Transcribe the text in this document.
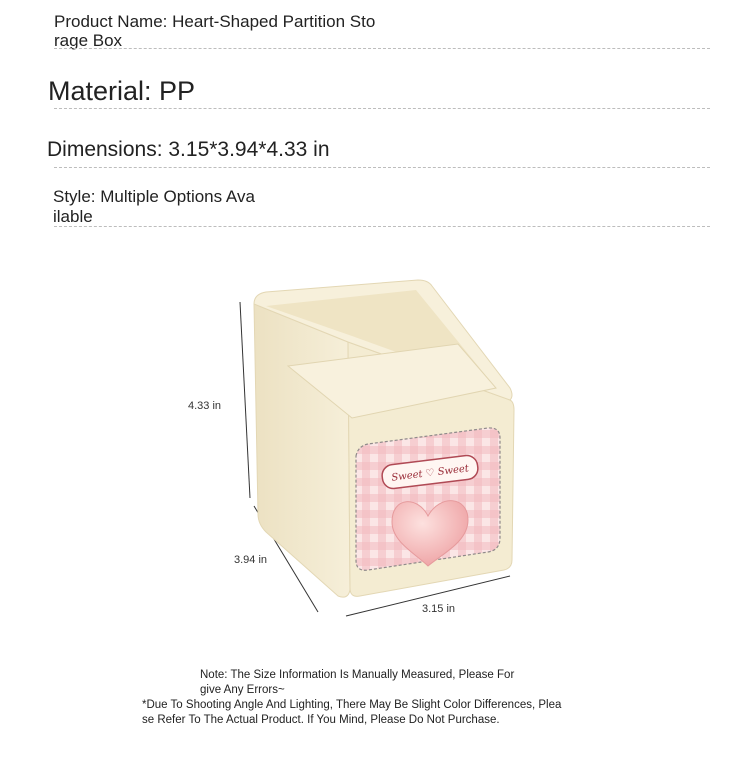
Product Name: Heart-Shaped Partition Sto
rage Box
Material: PP
Dimensions: 3.15*3.94*4.33 in
Style: Multiple Options Ava
ilable
Sweet ♡ Sweet
4.33 in
3.94 in
3.15 in
Note: The Size Information Is Manually Measured, Please For
give Any Errors~
*Due To Shooting Angle And Lighting, There May Be Slight Color Differences, Plea
se Refer To The Actual Product. If You Mind, Please Do Not Purchase.
